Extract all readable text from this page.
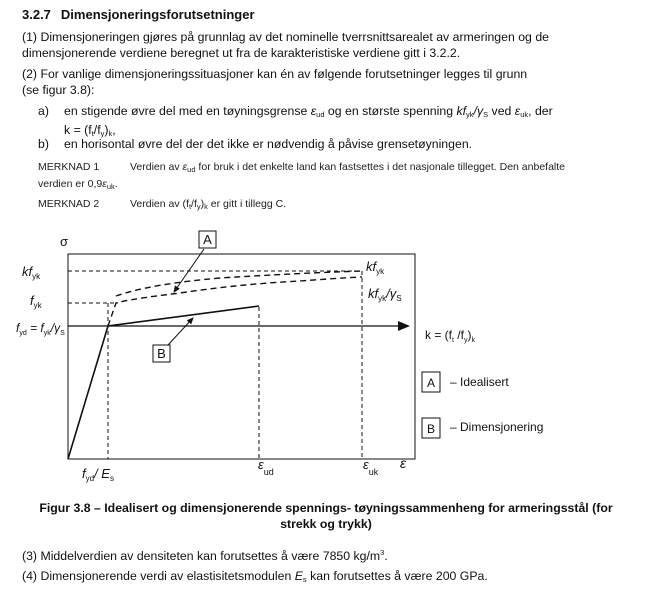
3.2.7 Dimensjoneringsforutsetninger
(1) Dimensjoneringen gjøres på grunnlag av det nominelle tverrsnittsarealet av armeringen og de
dimensjonerende verdiene beregnet ut fra de karakteristiske verdiene gitt i 3.2.2.
(2) For vanlige dimensjoneringssituasjoner kan én av følgende forutsetninger legges til grunn
(se figur 3.8):
a) en stigende øvre del med en tøyningsgrense $\varepsilon_{ud}$ og en største spenning $kf_{yk}/\gamma_S$ ved $\varepsilon_{uk}$, der
$k = (f_t/f_y)_k$,
b) en horisontal øvre del der det ikke er nødvendig å påvise grensetøyningen.
MERKNAD 1	Verdien av $\varepsilon_{ud}$ for bruk i det enkelte land kan fastsettes i det nasjonale tillegget. Den anbefalte
verdien er $0,9\varepsilon_{uk}$.
MERKNAD 2	Verdien av $(f_t/f_y)_k$ er gitt i tillegg C.
A
B
σ
$kf_{yk}$
$f_{yk}$
$f_{yd} = f_{yk}/\gamma_S$
$kf_{yk}$
$kf_{yk}/\gamma_S$
$k = (f_t$ $/f_y)_k$
A – Idealisert
B – Dimensjonering
$f_{yd}/$ $E_s$
$\varepsilon_{ud}$	$\varepsilon_{uk}$
ε
Figur 3.8 – Idealisert og dimensjonerende spennings- tøyningssammenheng for armeringsstål (for
strekk og trykk)
(3) Middelverdien av densiteten kan forutsettes å være 7850 $kg/m^3$.
(4) Dimensjonerende verdi av elastisitetsmodulen $E_s$ kan forutsettes å være 200 GPa.
